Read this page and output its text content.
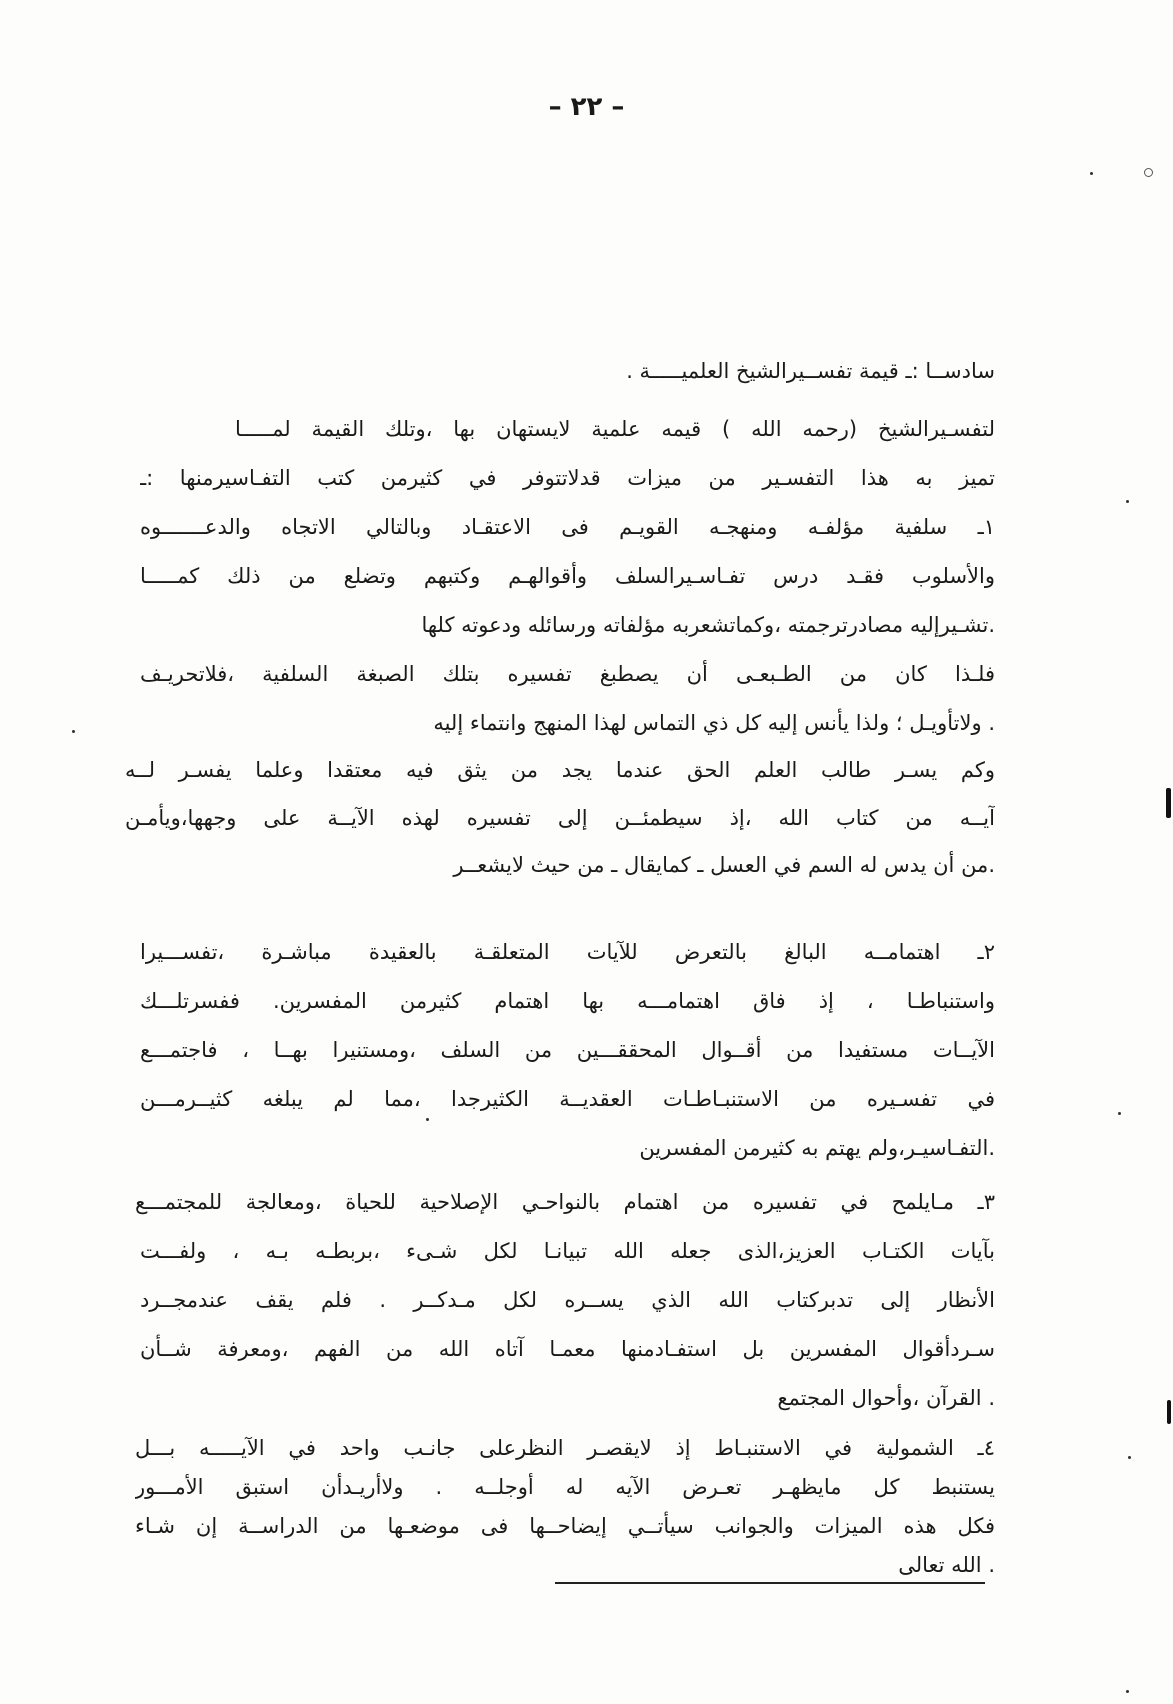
– ٢٢ –
سادســا :ـ قيمة تفســيرالشيخ العلميـــــة .
لتفسـيرالشيخ (رحمه الله ) قيمه علمية لايستهان بها ،وتلك القيمة لمـــــا
تميز به هذا التفسـير من ميزات قدلاتتوفر في كثيرمن كتب التفـاسيرمنها :ـ
١ـ سلفية مؤلفـه ومنهجـه القويـم فى الاعتقـاد وبالتالي الاتجاه والدعـــــــوه
والأسلوب فقـد درس تفـاسـيرالسلف وأقوالهـم وكتبهم وتضلع من ذلك كمـــــا
تشـيرإليه مصادرترجمته ،وكماتشعربه مؤلفاته ورسائله ودعوته كلها.
فلـذا كان من الطـبعـى أن يصطبغ تفسيره بتلك الصبغة السلفية ،فلاتحريـف
ولاتأويـل ؛ ولذا يأنس إليه كل ذي التماس لهذا المنهج وانتماء إليه .
وكم يسـر طالب العلم الحق عندما يجد من يثق فيه معتقدا وعلما يفسـر لــه
آيــه من كتاب الله ،إذ سيطمئــن إلى تفسيره لهذه الآيــة على وجهها،ويأمـن
من أن يدس له السم في العسل ـ كمايقال ـ من حيث لايشعــر.
٢ـ اهتمامــه البالغ بالتعرض للآيات المتعلقـة بالعقيدة مباشـرة ،تفســـيرا
واستنباطـا ، إذ فاق اهتمامـــه بها اهتمام كثيرمن المفسرين. ففسرتلـــك
الآيــات مستفيدا من أقــوال المحققـــين من السلف ،ومستنيرا بهــا ، فاجتمـــع
في تفسـيره من الاستنبـاطـات العقديــة الكثيرجدا ،مما لم يبلغه كثيــرمـــن
التفـاسيـر،ولم يهتم به كثيرمن المفسرين.
٣ـ مـايلمح في تفسيره من اهتمام بالنواحـي الإصلاحية للحياة ،ومعالجة للمجتمـــع
بآيات الكتـاب العزيز،الذى جعله الله تبيانـا لكل شـىء ،بربطـه بـه ، ولفـــت
الأنظار إلى تدبركتاب الله الذي يســره لكل مـدكــر . فلم يقف عندمجــرد
سـردأقوال المفسرين بل استفـادمنها معمـا آتاه الله من الفهم ،ومعرفة شــأن
القرآن ،وأحوال المجتمع .
٤ـ الشمولية في الاستنبـاط إذ لايقصـر النظرعلى جانـب واحد في الآيـــــه بـــل
يستنبط كل مايظهـر تعـرض الآيه له أوجلــه . ولاأريـدأن استبق الأمـــور
فكل هذه الميزات والجوانب سيأتــي إيضاحــها فى موضعـها من الدراســة إن شـاء
الله تعالى .
